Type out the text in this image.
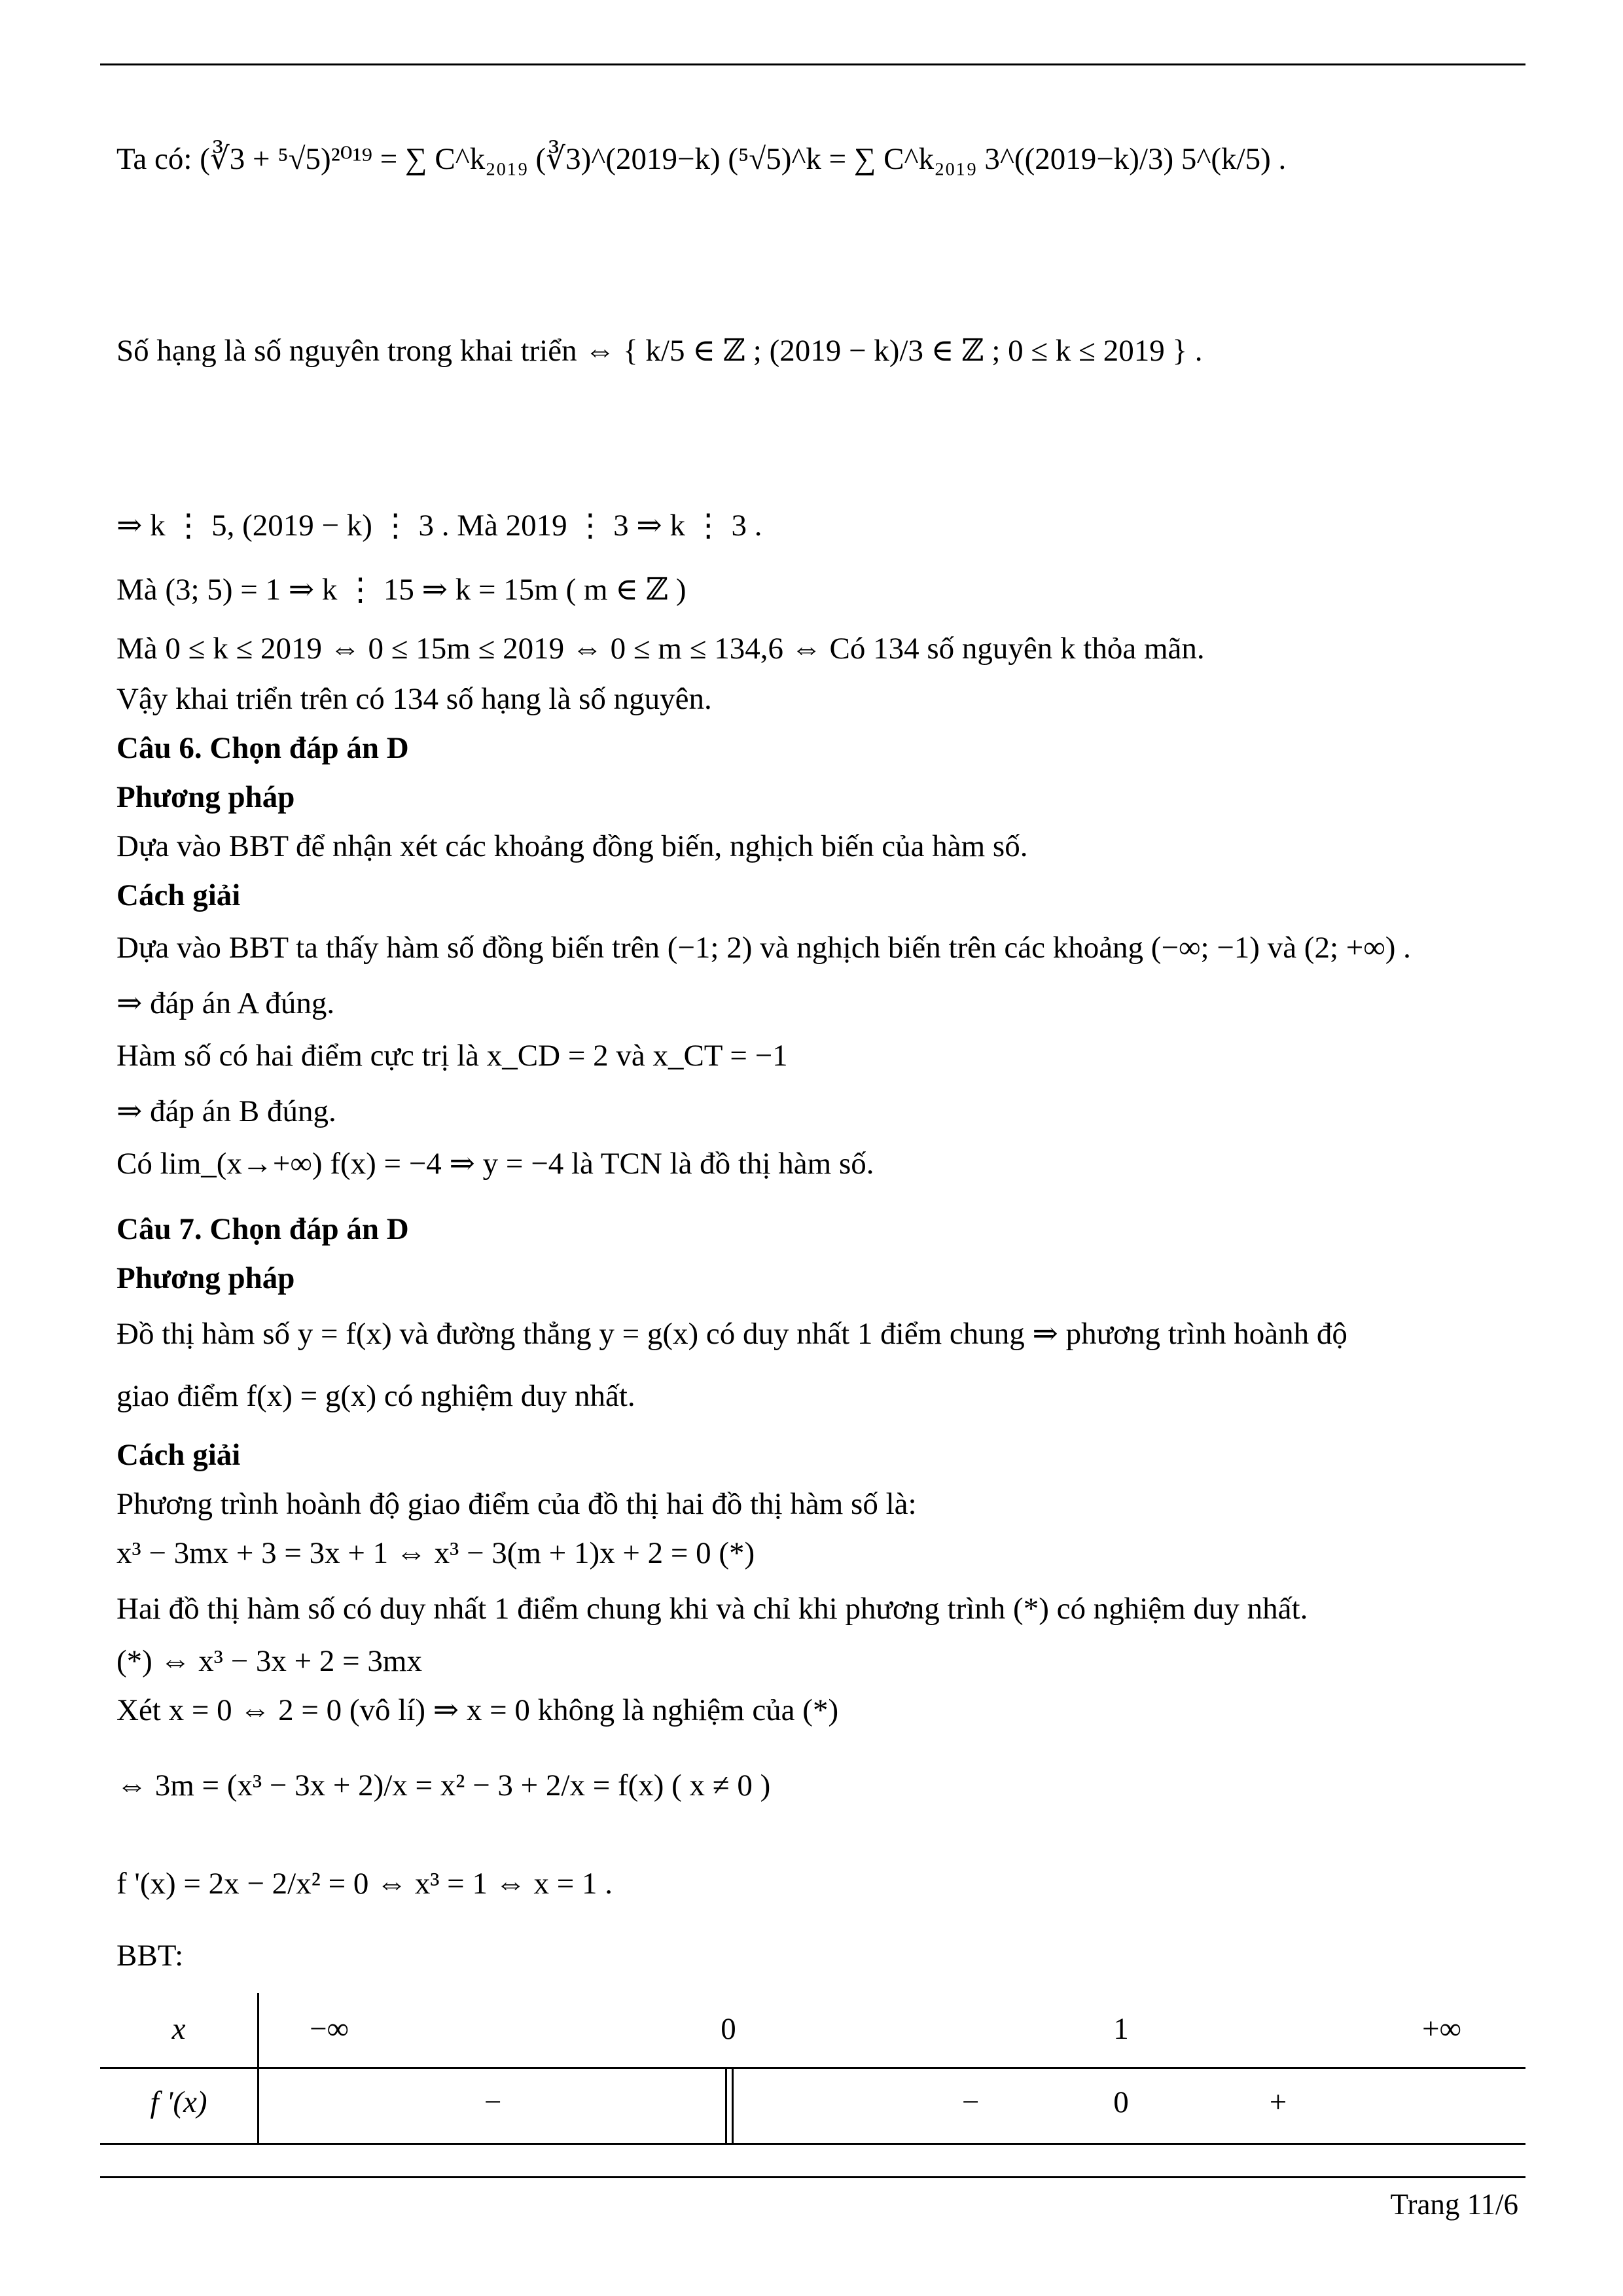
Ta có: (∛3 + ⁵√5)²⁰¹⁹ = ∑ C^k₂₀₁₉ (∛3)^(2019−k) (⁵√5)^k = ∑ C^k₂₀₁₉ 3^((2019−k)/3) 5^(k/5) .
Số hạng là số nguyên trong khai triển ⇔ { k/5 ∈ ℤ ; (2019 − k)/3 ∈ ℤ ; 0 ≤ k ≤ 2019 } .
⇒ k ⋮ 5, (2019 − k) ⋮ 3 . Mà 2019 ⋮ 3 ⇒ k ⋮ 3 .
Mà (3; 5) = 1 ⇒ k ⋮ 15 ⇒ k = 15m ( m ∈ ℤ )
Mà 0 ≤ k ≤ 2019 ⇔ 0 ≤ 15m ≤ 2019 ⇔ 0 ≤ m ≤ 134,6 ⇔ Có 134 số nguyên k thỏa mãn.
Vậy khai triển trên có 134 số hạng là số nguyên.
Câu 6. Chọn đáp án D
Phương pháp
Dựa vào BBT để nhận xét các khoảng đồng biến, nghịch biến của hàm số.
Cách giải
Dựa vào BBT ta thấy hàm số đồng biến trên (−1; 2) và nghịch biến trên các khoảng (−∞; −1) và (2; +∞) .
⇒ đáp án A đúng.
Hàm số có hai điểm cực trị là x_CD = 2 và x_CT = −1
⇒ đáp án B đúng.
Có lim_(x→+∞) f(x) = −4 ⇒ y = −4 là TCN là đồ thị hàm số.
Câu 7. Chọn đáp án D
Phương pháp
Đồ thị hàm số y = f(x) và đường thẳng y = g(x) có duy nhất 1 điểm chung ⇒ phương trình hoành độ
giao điểm f(x) = g(x) có nghiệm duy nhất.
Cách giải
Phương trình hoành độ giao điểm của đồ thị hai đồ thị hàm số là:
x³ − 3mx + 3 = 3x + 1 ⇔ x³ − 3(m + 1)x + 2 = 0 (*)
Hai đồ thị hàm số có duy nhất 1 điểm chung khi và chỉ khi phương trình (*) có nghiệm duy nhất.
(*) ⇔ x³ − 3x + 2 = 3mx
Xét x = 0 ⇔ 2 = 0 (vô lí) ⇒ x = 0 không là nghiệm của (*)
⇔ 3m = (x³ − 3x + 2)/x = x² − 3 + 2/x = f(x) ( x ≠ 0 )
f '(x) = 2x − 2/x² = 0 ⇔ x³ = 1 ⇔ x = 1 .
BBT:
x	−∞	0	1	+∞
f '(x)	−	−	0	+
Trang 11/6
